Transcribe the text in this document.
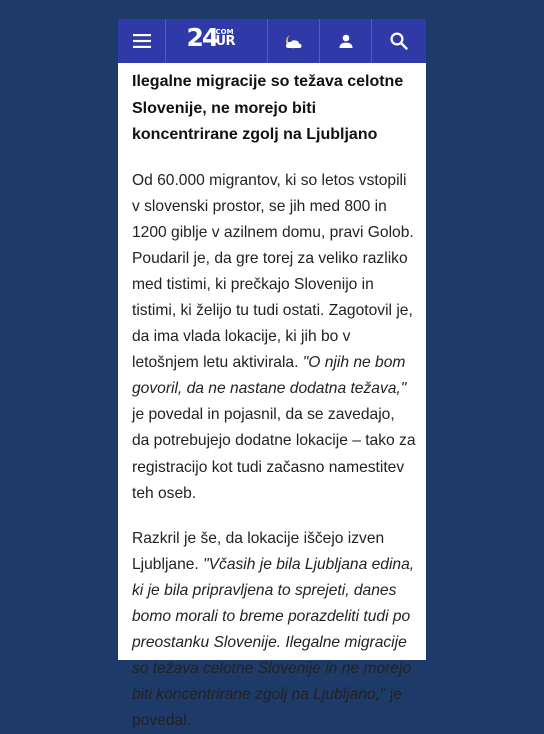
24
COM
UR
Ilegalne migracije so težava celotne Slovenije, ne morejo biti koncentrirane zgolj na Ljubljano

Od 60.000 migrantov, ki so letos vstopili v slovenski prostor, se jih med 800 in 1200 giblje v azilnem domu, pravi Golob. Poudaril je, da gre torej za veliko razliko med tistimi, ki prečkajo Slovenijo in tistimi, ki želijo tu tudi ostati. Zagotovil je, da ima vlada lokacije, ki jih bo v letošnjem letu aktivirala. "O njih ne bom govoril, da ne nastane dodatna težava," je povedal in pojasnil, da se zavedajo, da potrebujejo dodatne lokacije – tako za registracijo kot tudi začasno namestitev teh oseb.

Razkril je še, da lokacije iščejo izven Ljubljane. "Včasih je bila Ljubljana edina, ki je bila pripravljena to sprejeti, danes bomo morali to breme porazdeliti tudi po preostanku Slovenije. Ilegalne migracije so težava celotne Slovenije in ne morejo biti koncentrirane zgolj na Ljubljano," je povedal.
